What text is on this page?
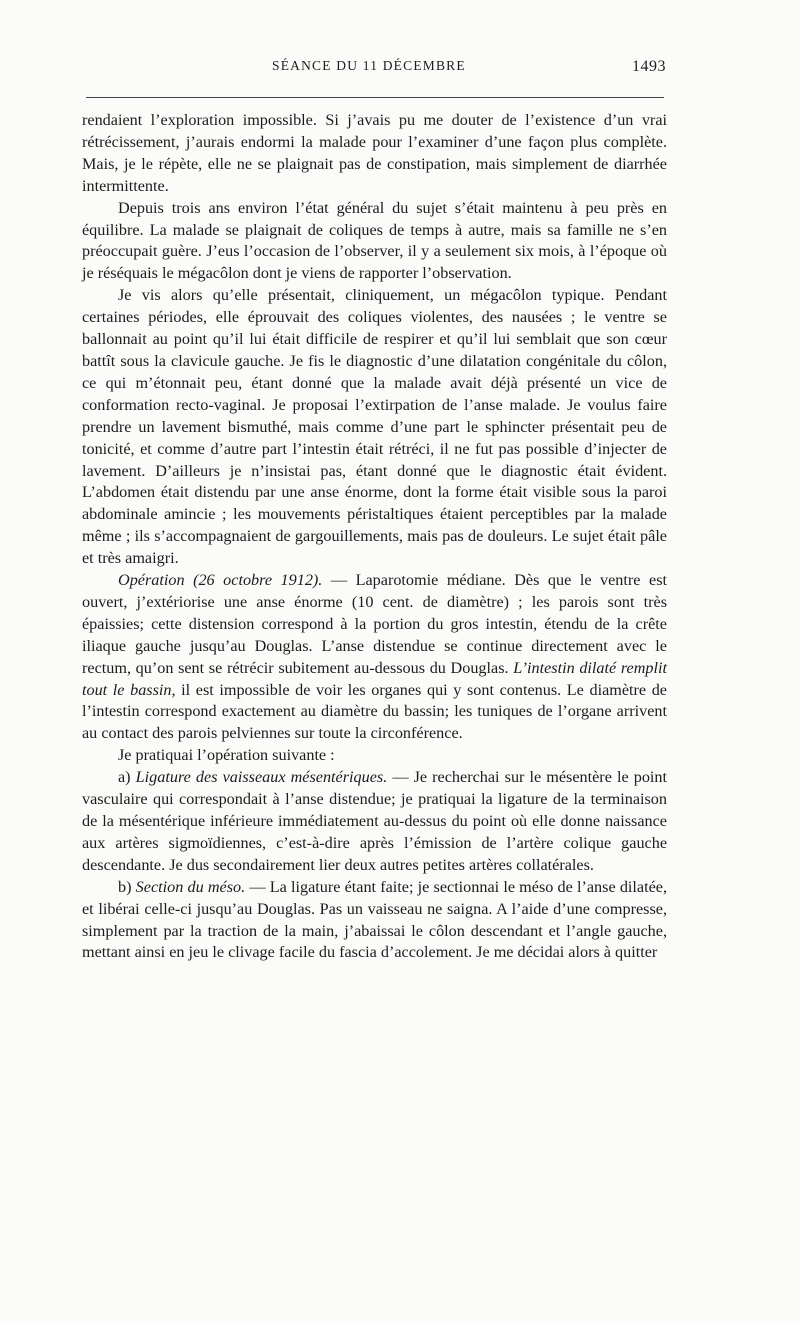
SÉANCE DU 11 DÉCEMBRE	1493

rendaient l’exploration impossible. Si j’avais pu me douter de l’existence d’un vrai rétrécissement, j’aurais endormi la malade pour l’examiner d’une façon plus complète. Mais, je le répète, elle ne se plaignait pas de constipation, mais simplement de diarrhée intermittente.

Depuis trois ans environ l’état général du sujet s’était maintenu à peu près en équilibre. La malade se plaignait de coliques de temps à autre, mais sa famille ne s’en préoccupait guère. J’eus l’occasion de l’observer, il y a seulement six mois, à l’époque où je réséquais le mégacôlon dont je viens de rapporter l’observation.

Je vis alors qu’elle présentait, cliniquement, un mégacôlon typique. Pendant certaines périodes, elle éprouvait des coliques violentes, des nausées ; le ventre se ballonnait au point qu’il lui était difficile de respirer et qu’il lui semblait que son cœur battît sous la clavicule gauche. Je fis le diagnostic d’une dilatation congénitale du côlon, ce qui m’étonnait peu, étant donné que la malade avait déjà présenté un vice de conformation recto-vaginal. Je proposai l’extirpation de l’anse malade. Je voulus faire prendre un lavement bismuthé, mais comme d’une part le sphincter présentait peu de tonicité, et comme d’autre part l’intestin était rétréci, il ne fut pas possible d’injecter de lavement. D’ailleurs je n’insistai pas, étant donné que le diagnostic était évident. L’abdomen était distendu par une anse énorme, dont la forme était visible sous la paroi abdominale amincie ; les mouvements péristaltiques étaient perceptibles par la malade même ; ils s’accompagnaient de gargouillements, mais pas de douleurs. Le sujet était pâle et très amaigri.

Opération (26 octobre 1912). — Laparotomie médiane. Dès que le ventre est ouvert, j’extériorise une anse énorme (10 cent. de diamètre) ; les parois sont très épaissies; cette distension correspond à la portion du gros intestin, étendu de la crête iliaque gauche jusqu’au Douglas. L’anse distendue se continue directement avec le rectum, qu’on sent se rétrécir subitement au-dessous du Douglas. L’intestin dilaté remplit tout le bassin, il est impossible de voir les organes qui y sont contenus. Le diamètre de l’intestin correspond exactement au diamètre du bassin; les tuniques de l’organe arrivent au contact des parois pelviennes sur toute la circonférence.

Je pratiquai l’opération suivante :

a) Ligature des vaisseaux mésentériques. — Je recherchai sur le mésentère le point vasculaire qui correspondait à l’anse distendue; je pratiquai la ligature de la terminaison de la mésentérique inférieure immédiatement au-dessus du point où elle donne naissance aux artères sigmoïdiennes, c’est-à-dire après l’émission de l’artère colique gauche descendante. Je dus secondairement lier deux autres petites artères collatérales.

b) Section du méso. — La ligature étant faite; je sectionnai le méso de l’anse dilatée, et libérai celle-ci jusqu’au Douglas. Pas un vaisseau ne saigna. A l’aide d’une compresse, simplement par la traction de la main, j’abaissai le côlon descendant et l’angle gauche, mettant ainsi en jeu le clivage facile du fascia d’accolement. Je me décidai alors à quitter
